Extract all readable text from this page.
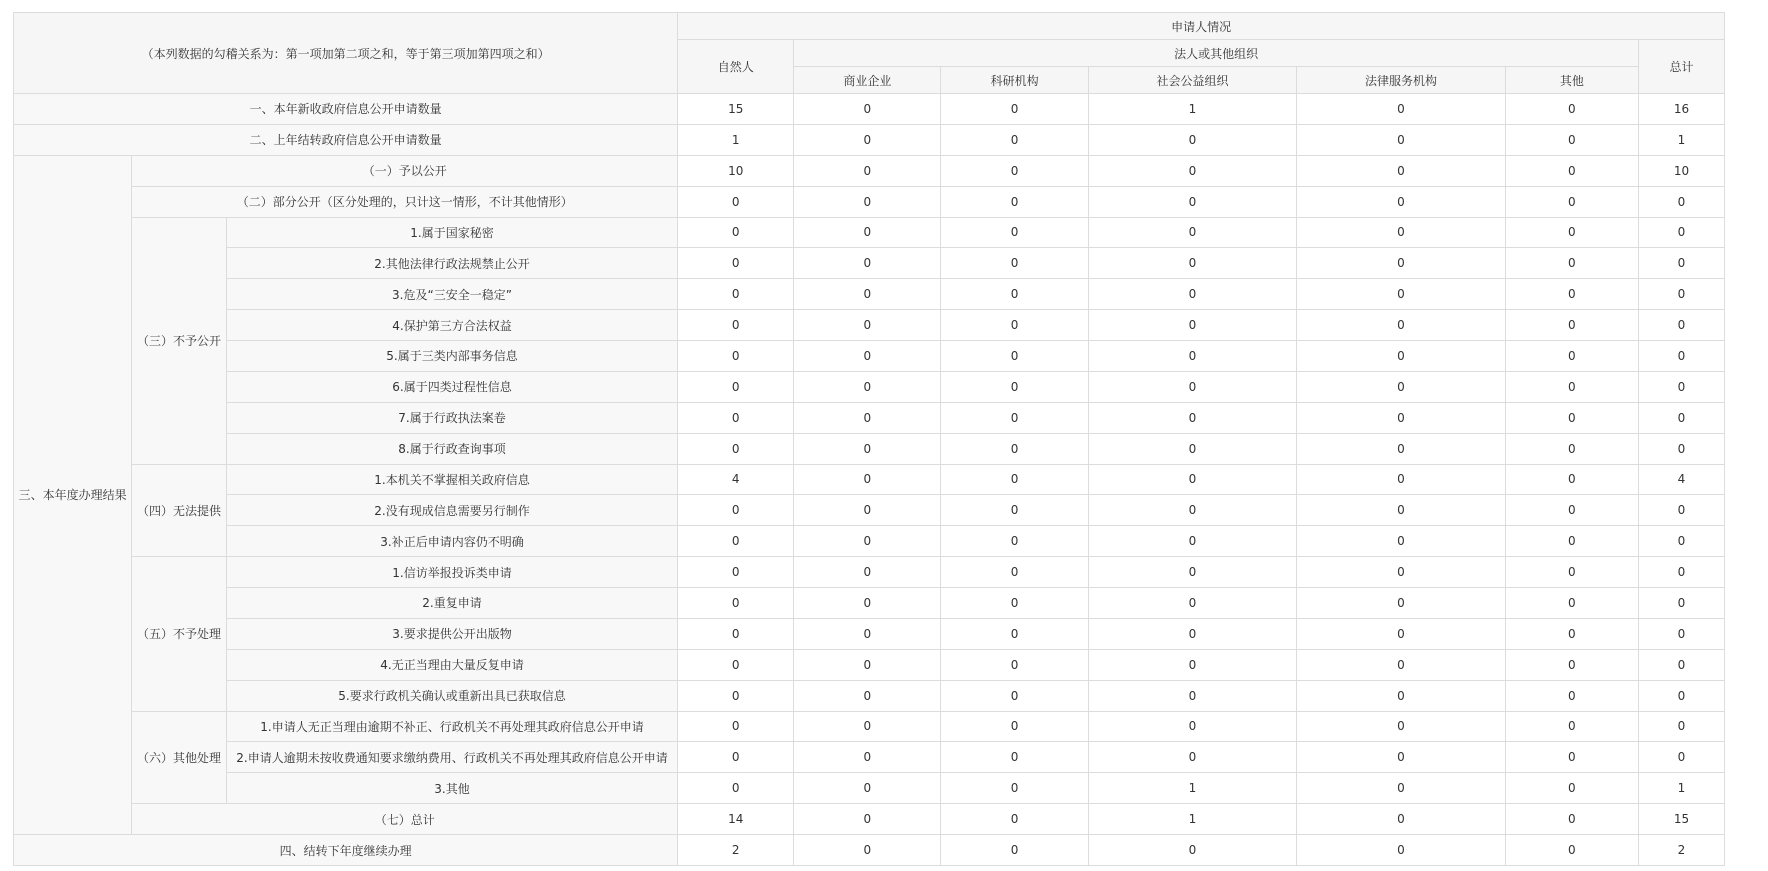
（本列数据的勾稽关系为：第一项加第二项之和，等于第三项加第四项之和）			申请人情况						
			自然人	法人或其他组织					总计
				商业企业	科研机构	社会公益组织	法律服务机构	其他	
一、本年新收政府信息公开申请数量			15	0	0	1	0	0	16
二、上年结转政府信息公开申请数量			1	0	0	0	0	0	1
三、本年度办理结果	（一）予以公开		10	0	0	0	0	0	10
	（二）部分公开（区分处理的，只计这一情形，不计其他情形）		0	0	0	0	0	0	0
	（三）不予公开	1.属于国家秘密	0	0	0	0	0	0	0
		2.其他法律行政法规禁止公开	0	0	0	0	0	0	0
		3.危及“三安全一稳定”	0	0	0	0	0	0	0
		4.保护第三方合法权益	0	0	0	0	0	0	0
		5.属于三类内部事务信息	0	0	0	0	0	0	0
		6.属于四类过程性信息	0	0	0	0	0	0	0
		7.属于行政执法案卷	0	0	0	0	0	0	0
		8.属于行政查询事项	0	0	0	0	0	0	0
	（四）无法提供	1.本机关不掌握相关政府信息	4	0	0	0	0	0	4
		2.没有现成信息需要另行制作	0	0	0	0	0	0	0
		3.补正后申请内容仍不明确	0	0	0	0	0	0	0
	（五）不予处理	1.信访举报投诉类申请	0	0	0	0	0	0	0
		2.重复申请	0	0	0	0	0	0	0
		3.要求提供公开出版物	0	0	0	0	0	0	0
		4.无正当理由大量反复申请	0	0	0	0	0	0	0
		5.要求行政机关确认或重新出具已获取信息	0	0	0	0	0	0	0
	（六）其他处理	1.申请人无正当理由逾期不补正、行政机关不再处理其政府信息公开申请	0	0	0	0	0	0	0
		2.申请人逾期未按收费通知要求缴纳费用、行政机关不再处理其政府信息公开申请	0	0	0	0	0	0	0
		3.其他	0	0	0	1	0	0	1
	（七）总计		14	0	0	1	0	0	15
四、结转下年度继续办理			2	0	0	0	0	0	2
